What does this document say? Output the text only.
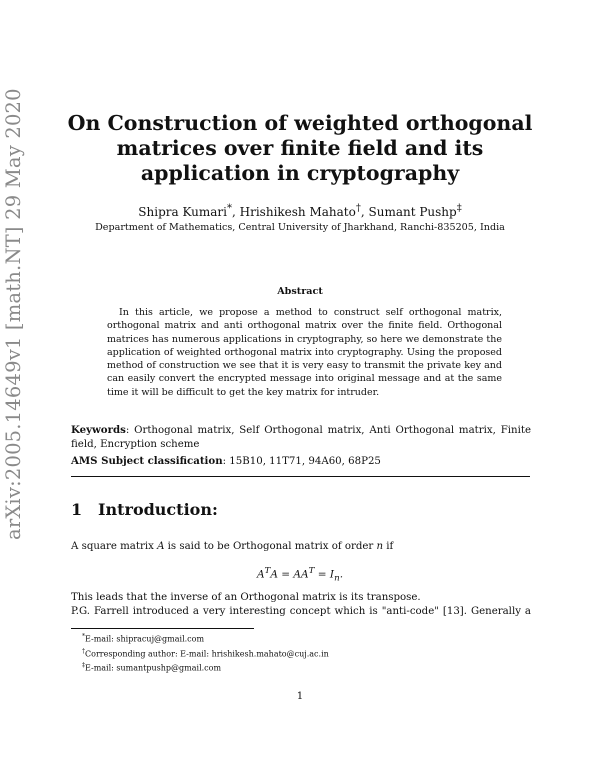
arXiv:2005.14649v1 [math.NT] 29 May 2020	On Construction of weighted orthogonal matrices over finite field and its application in cryptography
Shipra Kumari*, Hrishikesh Mahato†, Sumant Pushp‡
Department of Mathematics, Central University of Jharkhand, Ranchi-835205, India
Abstract

In this article, we propose a method to construct self orthogonal matrix, orthogonal matrix and anti orthogonal matrix over the finite field. Orthogonal matrices has numerous applications in cryptography, so here we demonstrate the application of weighted orthogonal matrix into cryptography. Using the proposed method of construction we see that it is very easy to transmit the private key and can easily convert the encrypted message into original message and at the same time it will be difficult to get the key matrix for intruder.

Keywords: Orthogonal matrix, Self Orthogonal matrix, Anti Orthogonal matrix, Finite field, Encryption scheme

AMS Subject classification: 15B10, 11T71, 94A60, 68P25

1 Introduction:

A square matrix A is said to be Orthogonal matrix of order n if

$A^TA = AA^T = I_n$.

This leads that the inverse of an Orthogonal matrix is its transpose.

P.G. Farrell introduced a very interesting concept which is "anti-code" [13]. Generally a

*E-mail: shipracuj@gmail.com
†Corresponding author: E-mail: hrishikesh.mahato@cuj.ac.in
‡E-mail: sumantpushp@gmail.com
1
